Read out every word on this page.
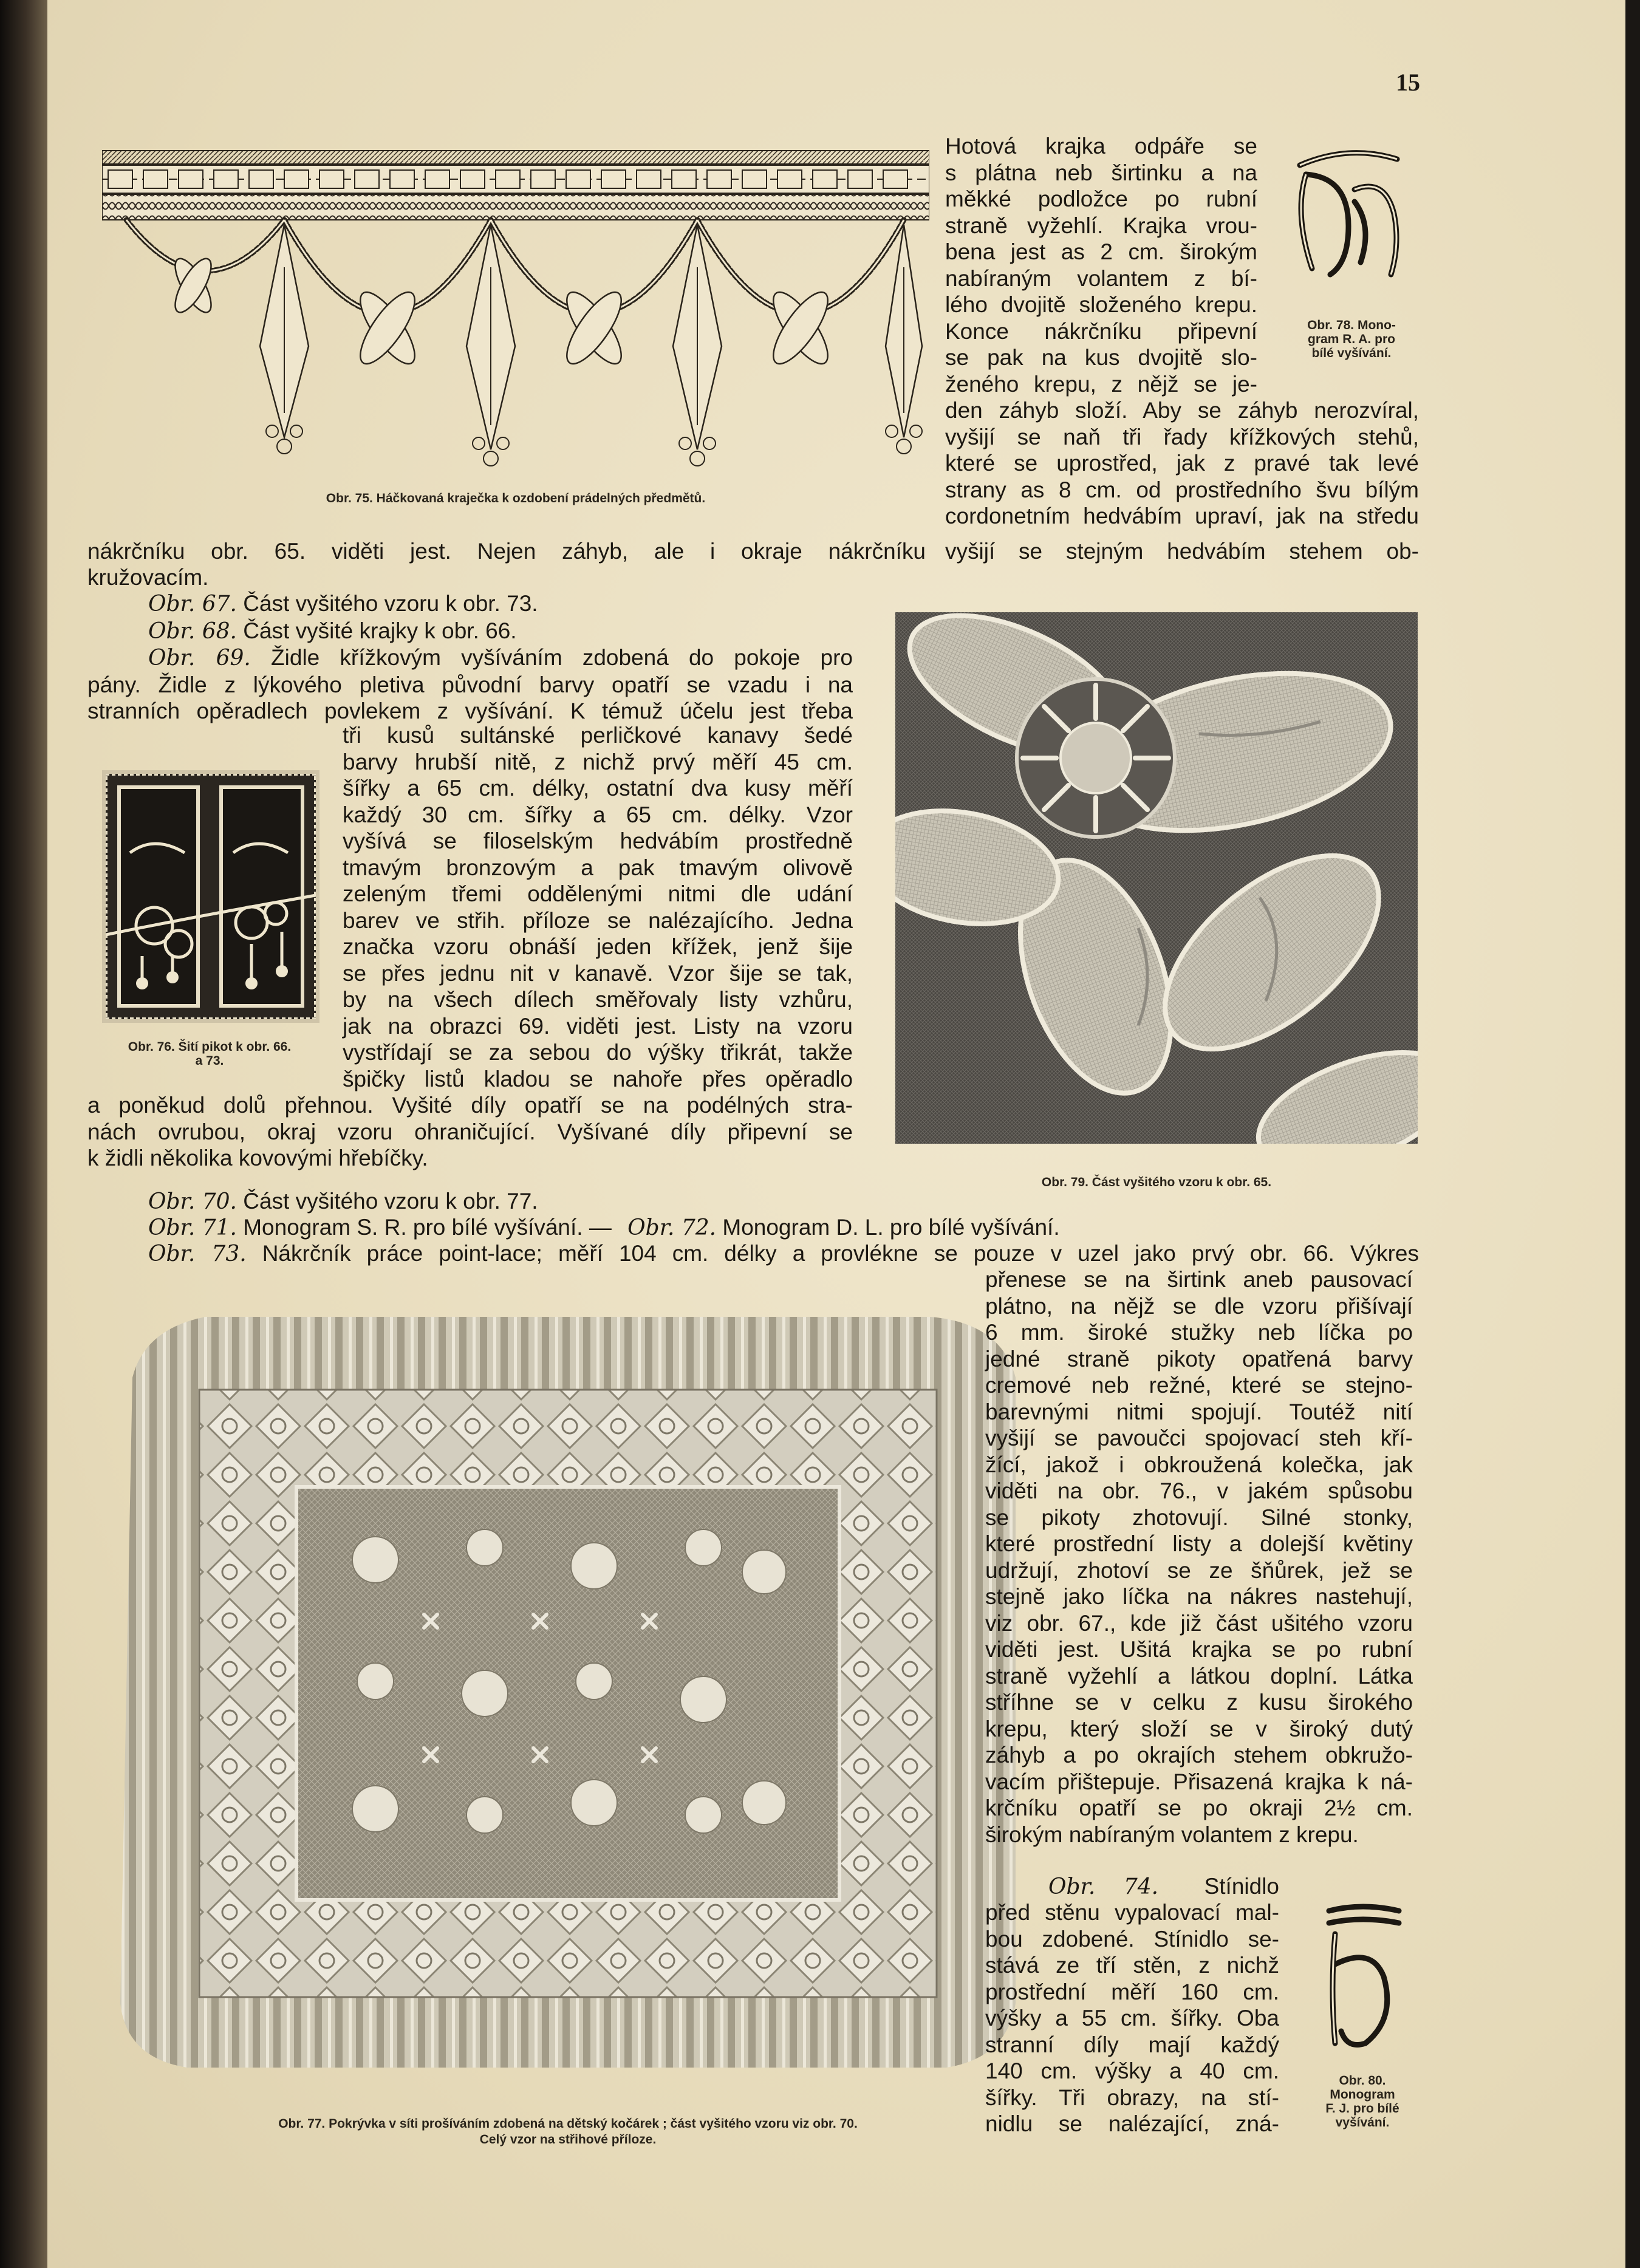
15
Obr. 75. Háčkovaná kraječka k ozdobení prádelných předmětů.
Obr. 78. Mono-
gram R. A. pro
bílé vyšívání.
Hotová krajka odpáře se
s plátna neb širtinku a na
měkké podložce po rubní
straně vyžehlí. Krajka vrou-
bena jest as 2 cm. širokým
nabíraným volantem z bí-
lého dvojitě složeného krepu.
Konce nákrčníku připevní
se pak na kus dvojitě slo-
ženého krepu, z nějž se je-
den záhyb složí. Aby se záhyb nerozvíral,
vyšijí se naň tři řady křížkových stehů,
které se uprostřed, jak z pravé tak levé
strany as 8 cm. od prostředního švu bílým
cordonetním hedvábím upraví, jak na středu
vyšijí se stejným hedvábím stehem ob-
nákrčníku obr. 65. viděti jest. Nejen záhyb, ale i okraje nákrčníku
kružovacím.
Obr. 67. Část vyšitého vzoru k obr. 73.
Obr. 68. Část vyšité krajky k obr. 66.
Obr. 69. Židle křížkovým vyšíváním zdobená do pokoje pro
pány. Židle z lýkového pletiva původní barvy opatří se vzadu i na
stranních opěradlech povlekem z vyšívání. K témuž účelu jest třeba
Obr. 76. Šití pikot k obr. 66.
a 73.
tři kusů sultánské perličkové kanavy šedé
barvy hrubší nitě, z nichž prvý měří 45 cm.
šířky a 65 cm. délky, ostatní dva kusy měří
každý 30 cm. šířky a 65 cm. délky. Vzor
vyšívá se filoselským hedvábím prostředně
tmavým bronzovým a pak tmavým olivově
zeleným třemi oddělenými nitmi dle udání
barev ve střih. příloze se nalézajícího. Jedna
značka vzoru obnáší jeden křížek, jenž šije
se přes jednu nit v kanavě. Vzor šije se tak,
by na všech dílech směřovaly listy vzhůru,
jak na obrazci 69. viděti jest. Listy na vzoru
vystřídají se za sebou do výšky třikrát, takže
špičky listů kladou se nahoře přes opěradlo
a poněkud dolů přehnou. Vyšité díly opatří se na podélných stra-
nách ovrubou, okraj vzoru ohraničující. Vyšívané díly připevní se
k židli několika kovovými hřebíčky.
Obr. 79. Část vyšitého vzoru k obr. 65.
Obr. 70. Část vyšitého vzoru k obr. 77.
Obr. 71. Monogram S. R. pro bílé vyšívání. — Obr. 72. Monogram D. L. pro bílé vyšívání.
Obr. 73. Nákrčník práce point-lace; měří 104 cm. délky a provlékne se pouze v uzel jako prvý obr. 66. Výkres
Obr. 77. Pokrývka v síti prošíváním zdobená na dětský kočárek ; část vyšitého vzoru viz obr. 70.
Celý vzor na střihové příloze.
přenese se na širtink aneb pausovací
plátno, na nějž se dle vzoru přišívají
6 mm. široké stužky neb líčka po
jedné straně pikoty opatřená barvy
cremové neb režné, které se stejno-
barevnými nitmi spojují. Toutéž nití
vyšijí se pavoučci spojovací steh kří-
žící, jakož i obkroužená kolečka, jak
viděti na obr. 76., v jakém spůsobu
se pikoty zhotovují. Silné stonky,
které prostřední listy a dolejší květiny
udržují, zhotoví se ze šňůrek, jež se
stejně jako líčka na nákres nastehují,
viz obr. 67., kde již část ušitého vzoru
viděti jest. Ušitá krajka se po rubní
straně vyžehlí a látkou doplní. Látka
stříhne se v celku z kusu širokého
krepu, který složí se v široký dutý
záhyb a po okrajích stehem obkružo-
vacím přištepuje. Přisazená krajka k ná-
krčníku opatří se po okraji 2½ cm.
širokým nabíraným volantem z krepu.
Obr. 74. Stínidlo
před stěnu vypalovací mal-
bou zdobené. Stínidlo se-
stává ze tří stěn, z nichž
prostřední měří 160 cm.
výšky a 55 cm. šířky. Oba
stranní díly mají každý
140 cm. výšky a 40 cm.
šířky. Tři obrazy, na stí-
nidlu se nalézající, zná-
Obr. 80.
Monogram
F. J. pro bílé
vyšívání.
